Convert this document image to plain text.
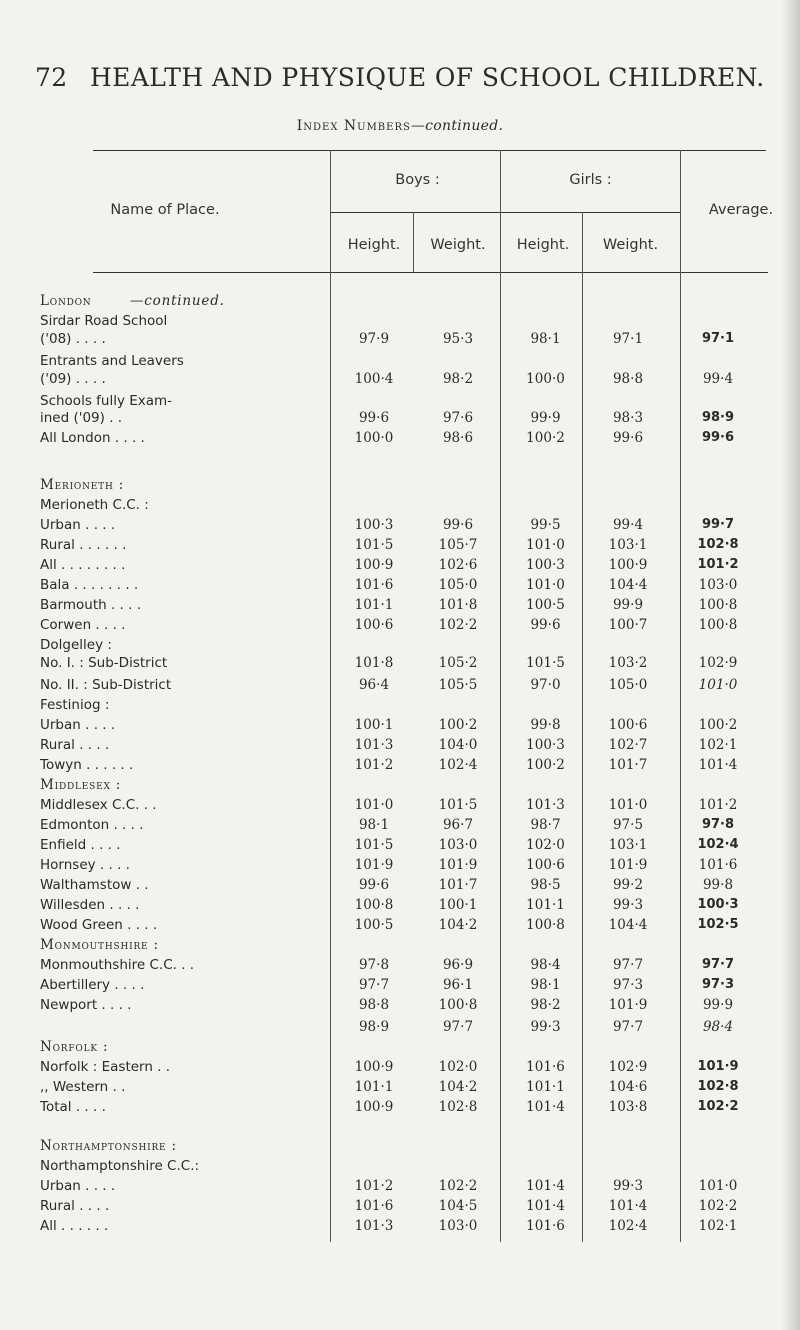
72 HEALTH AND PHYSIQUE OF SCHOOL CHILDREN.
Index Numbers—continued.
Name of Place.
Boys :	Girls :
Average.
Height.	Weight.	Height.	Weight.
London	—continued.
Sirdar Road School
('08) . . . .	97·9	95·3	98·1	97·1	97·1
Entrants and Leavers
('09) . . . .	100·4	98·2	100·0	98·8	99·4
Schools fully Exam-
ined ('09) . .	99·6	97·6	99·9	98·3	98·9
All London . . . .	100·0	98·6	100·2	99·6	99·6
Merioneth :
Merioneth C.C. :
Urban . . . .	100·3	99·6	99·5	99·4	99·7
Rural . . . . . .	101·5	105·7	101·0	103·1	102·8
All . . . . . . . .	100·9	102·6	100·3	100·9	101·2
Bala . . . . . . . .	101·6	105·0	101·0	104·4	103·0
Barmouth . . . .	101·1	101·8	100·5	99·9	100·8
Corwen . . . .	100·6	102·2	99·6	100·7	100·8
Dolgelley :
No. I. : Sub-District	101·8	105·2	101·5	103·2	102·9
No. II. : Sub-District	96·4	105·5	97·0	105·0	101·0
Festiniog :
Urban . . . .	100·1	100·2	99·8	100·6	100·2
Rural . . . .	101·3	104·0	100·3	102·7	102·1
Towyn . . . . . .	101·2	102·4	100·2	101·7	101·4
Middlesex :
Middlesex C.C. . .	101·0	101·5	101·3	101·0	101·2
Edmonton . . . .	98·1	96·7	98·7	97·5	97·8
Enfield . . . .	101·5	103·0	102·0	103·1	102·4
Hornsey . . . .	101·9	101·9	100·6	101·9	101·6
Walthamstow . .	99·6	101·7	98·5	99·2	99·8
Willesden . . . .	100·8	100·1	101·1	99·3	100·3
Wood Green . . . .	100·5	104·2	100·8	104·4	102·5
Monmouthshire :
Monmouthshire C.C. . .	97·8	96·9	98·4	97·7	97·7
Abertillery . . . .	97·7	96·1	98·1	97·3	97·3
Newport . . . .	98·8	100·8	98·2	101·9	99·9
98·9	97·7	99·3	97·7	98·4
Norfolk :
Norfolk : Eastern . .	100·9	102·0	101·6	102·9	101·9
,, Western . .	101·1	104·2	101·1	104·6	102·8
Total . . . .	100·9	102·8	101·4	103·8	102·2
Northamptonshire :
Northamptonshire C.C.:
Urban . . . .	101·2	102·2	101·4	99·3	101·0
Rural . . . .	101·6	104·5	101·4	101·4	102·2
All . . . . . .	101·3	103·0	101·6	102·4	102·1
